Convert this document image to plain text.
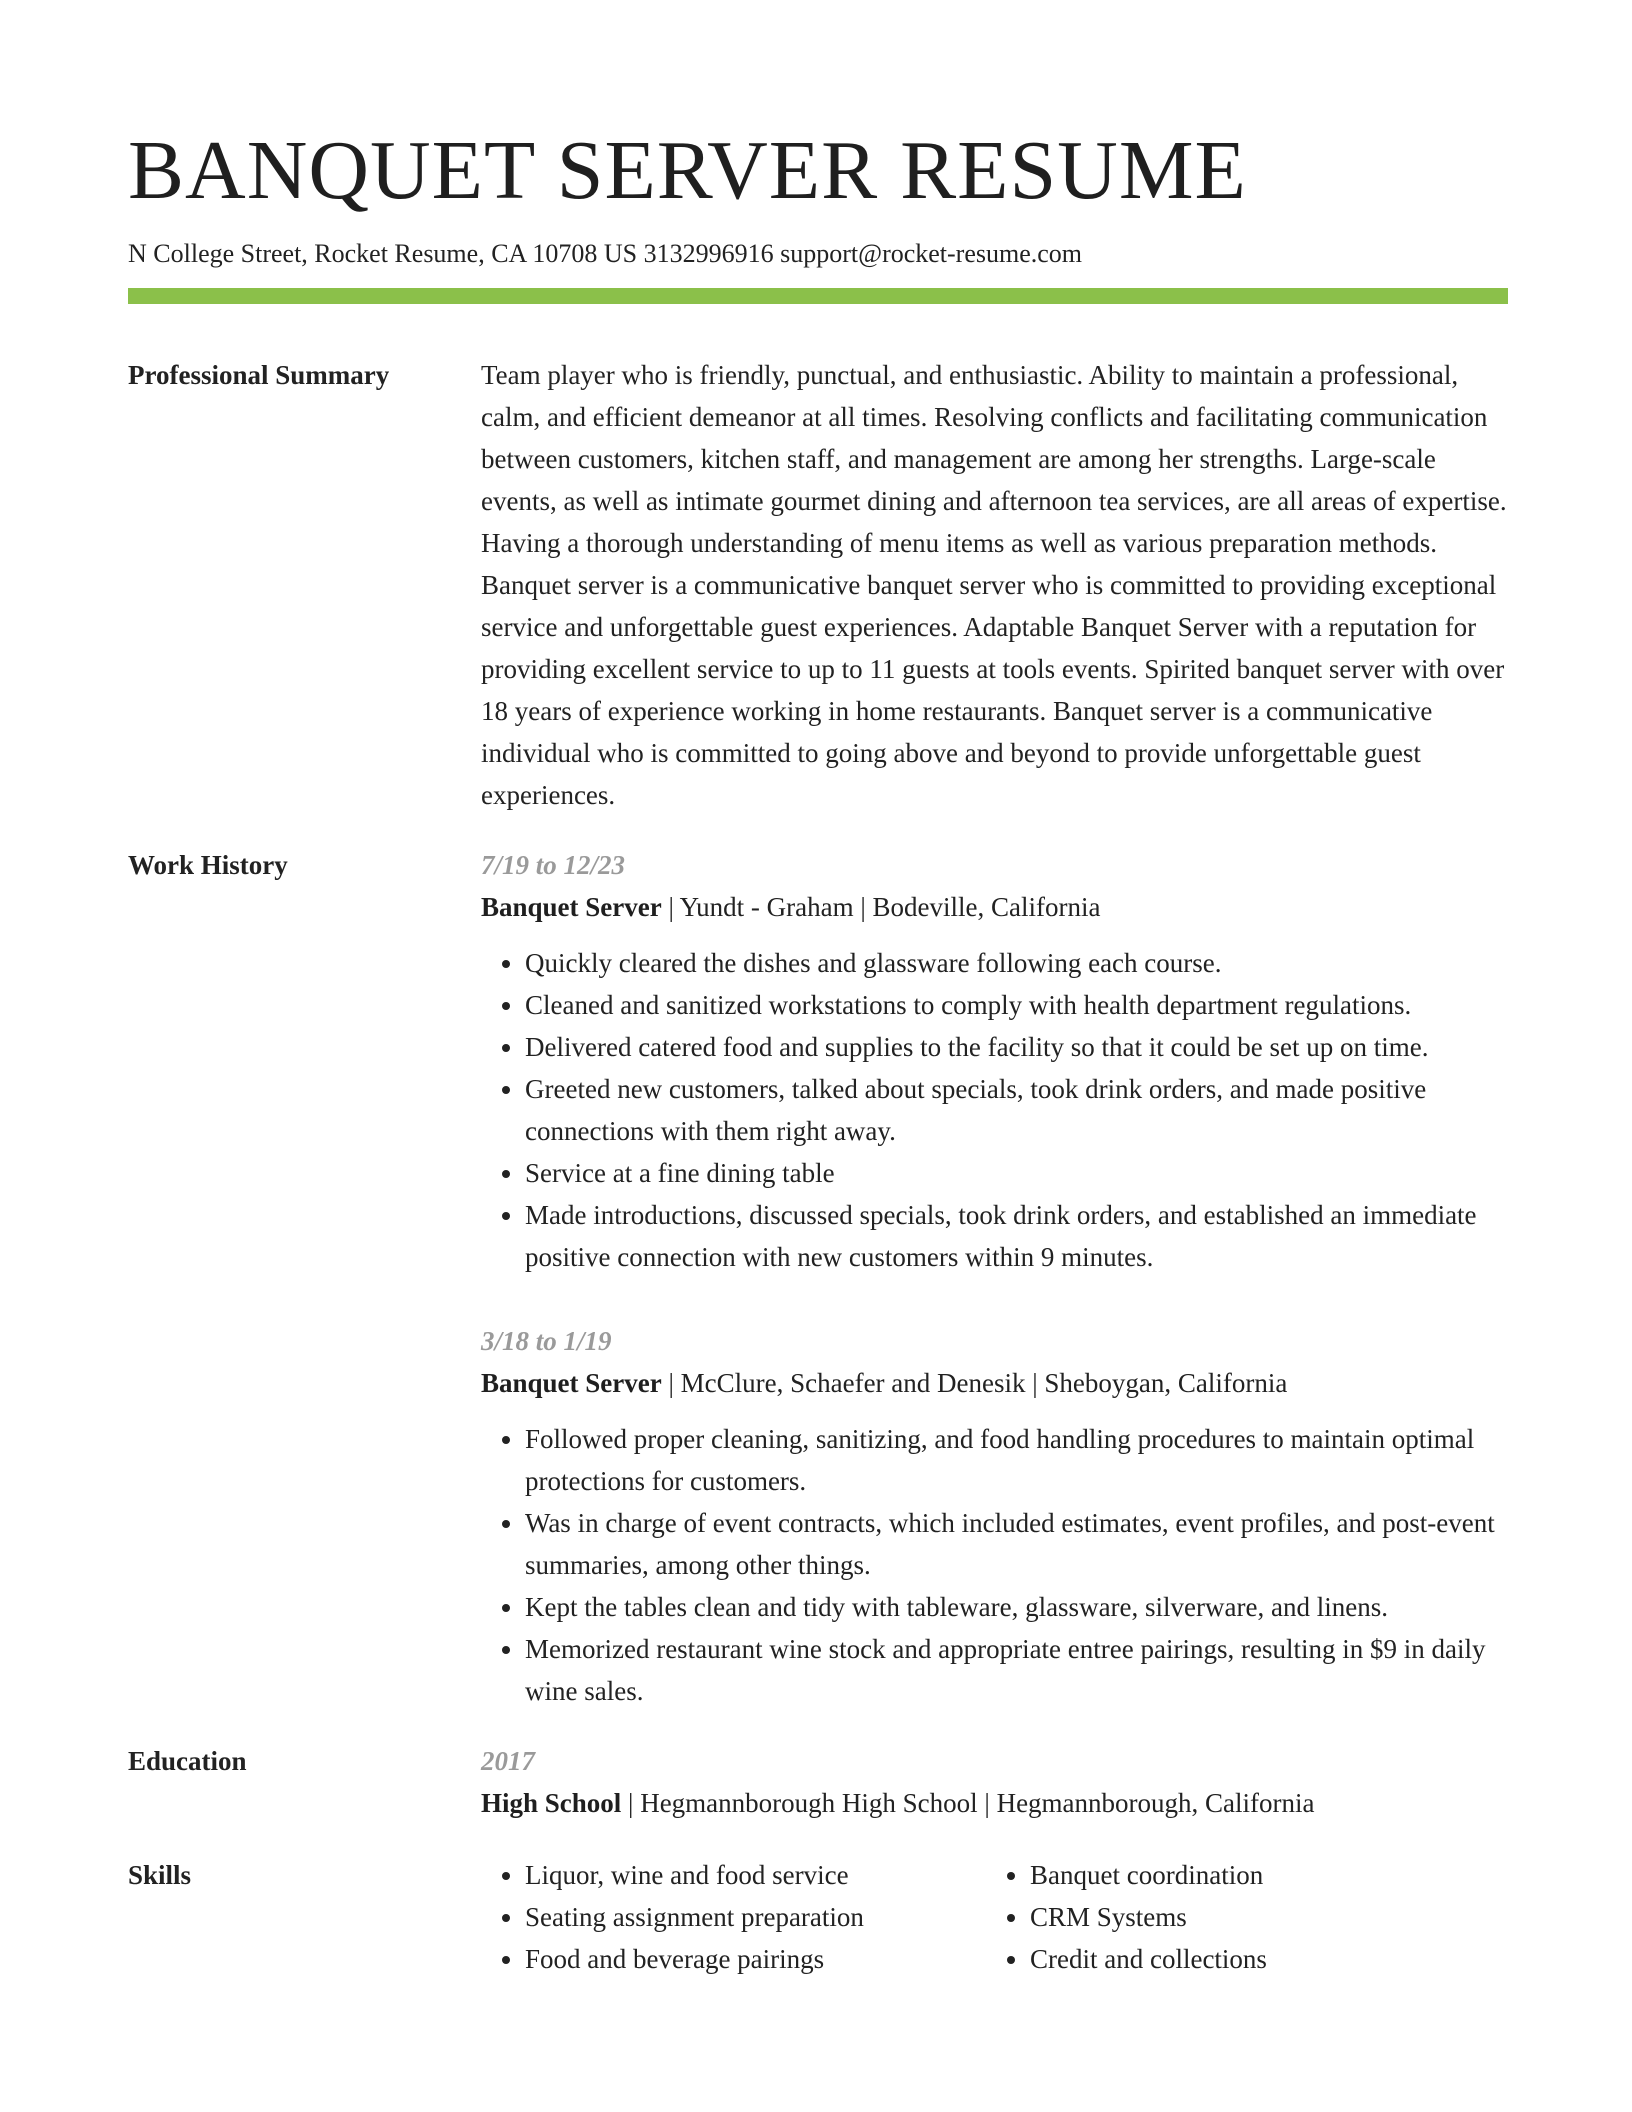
BANQUET SERVER RESUME
N College Street, Rocket Resume, CA 10708 US 3132996916 support@rocket-resume.com
Professional Summary	Team player who is friendly, punctual, and enthusiastic. Ability to maintain a professional, calm, and efficient demeanor at all times. Resolving conflicts and facilitating communication between customers, kitchen staff, and management are among her strengths. Large-scale events, as well as intimate gourmet dining and afternoon tea services, are all areas of expertise. Having a thorough understanding of menu items as well as various preparation methods. Banquet server is a communicative banquet server who is committed to providing exceptional service and unforgettable guest experiences. Adaptable Banquet Server with a reputation for providing excellent service to up to 11 guests at tools events. Spirited banquet server with over 18 years of experience working in home restaurants. Banquet server is a communicative individual who is committed to going above and beyond to provide unforgettable guest experiences.
Work History	7/19 to 12/23
Banquet Server | Yundt - Graham | Bodeville, California
• Quickly cleared the dishes and glassware following each course.
• Cleaned and sanitized workstations to comply with health department regulations.
• Delivered catered food and supplies to the facility so that it could be set up on time.
• Greeted new customers, talked about specials, took drink orders, and made positive connections with them right away.
• Service at a fine dining table
• Made introductions, discussed specials, took drink orders, and established an immediate positive connection with new customers within 9 minutes.
3/18 to 1/19
Banquet Server | McClure, Schaefer and Denesik | Sheboygan, California
• Followed proper cleaning, sanitizing, and food handling procedures to maintain optimal protections for customers.
• Was in charge of event contracts, which included estimates, event profiles, and post-event summaries, among other things.
• Kept the tables clean and tidy with tableware, glassware, silverware, and linens.
• Memorized restaurant wine stock and appropriate entree pairings, resulting in $9 in daily wine sales.
Education	2017
High School | Hegmannborough High School | Hegmannborough, California
Skills
•	Liquor, wine and food service
• Seating assignment preparation
• Food and beverage pairings
• Banquet coordination
• CRM Systems
• Credit and collections
